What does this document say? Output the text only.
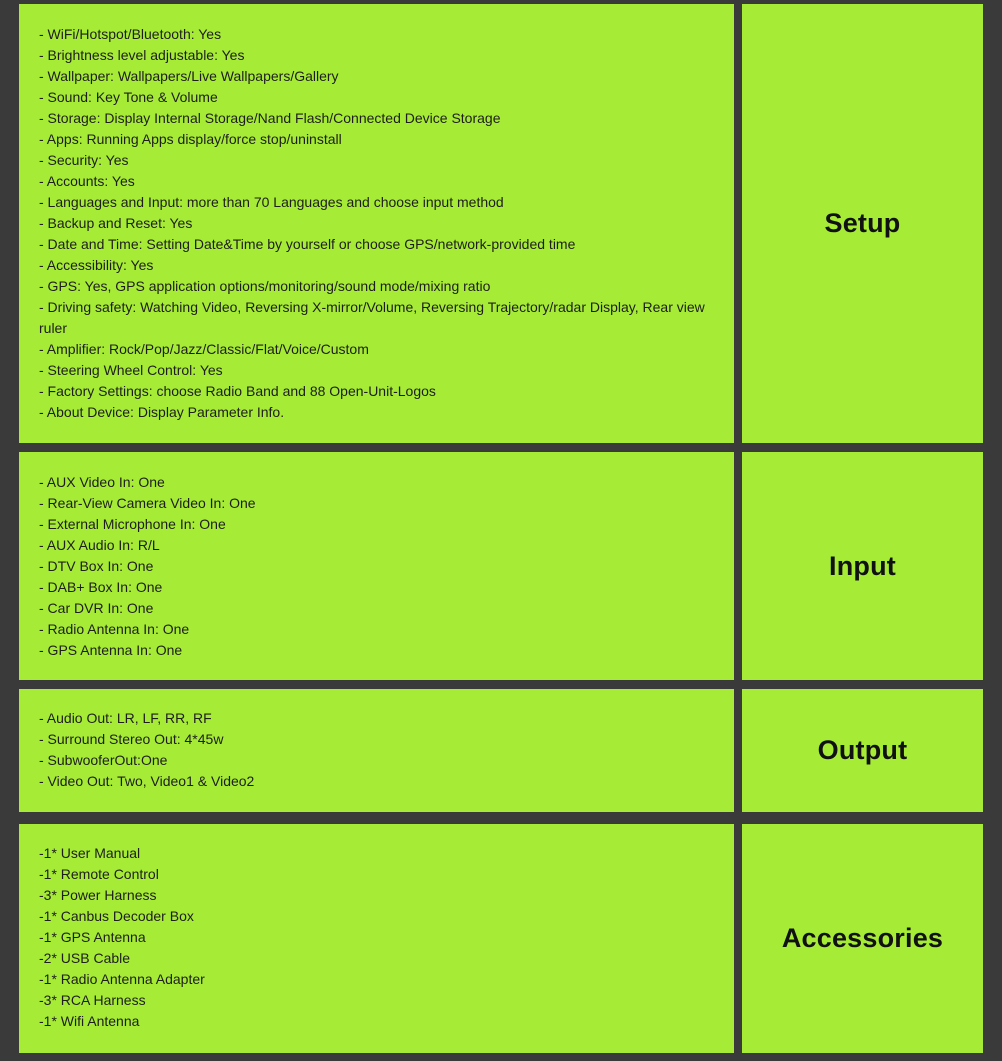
- WiFi/Hotspot/Bluetooth: Yes
- Brightness level adjustable: Yes
- Wallpaper: Wallpapers/Live Wallpapers/Gallery
- Sound: Key Tone & Volume
- Storage: Display Internal Storage/Nand Flash/Connected Device Storage
- Apps: Running Apps display/force stop/uninstall
- Security: Yes
- Accounts: Yes
- Languages and Input: more than 70 Languages and choose input method
- Backup and Reset: Yes
- Date and Time: Setting Date&Time by yourself or choose GPS/network-provided time
- Accessibility: Yes
- GPS: Yes, GPS application options/monitoring/sound mode/mixing ratio
- Driving safety: Watching Video, Reversing X-mirror/Volume, Reversing Trajectory/radar Display, Rear view ruler
- Amplifier: Rock/Pop/Jazz/Classic/Flat/Voice/Custom
- Steering Wheel Control: Yes
- Factory Settings: choose Radio Band and 88 Open-Unit-Logos
- About Device: Display Parameter Info.
Setup
- AUX Video In: One
- Rear-View Camera Video In: One
- External Microphone In: One
- AUX Audio In: R/L
- DTV Box In: One
- DAB+ Box In: One
- Car DVR In: One
- Radio Antenna In: One
- GPS Antenna In: One
Input
- Audio Out: LR, LF, RR, RF
- Surround Stereo Out: 4*45w
- SubwooferOut:One
- Video Out: Two, Video1 & Video2
Output
-1* User Manual
-1* Remote Control
-3* Power Harness
-1* Canbus Decoder Box
-1* GPS Antenna
-2* USB Cable
-1* Radio Antenna Adapter
-3* RCA Harness
-1* Wifi Antenna
Accessories
